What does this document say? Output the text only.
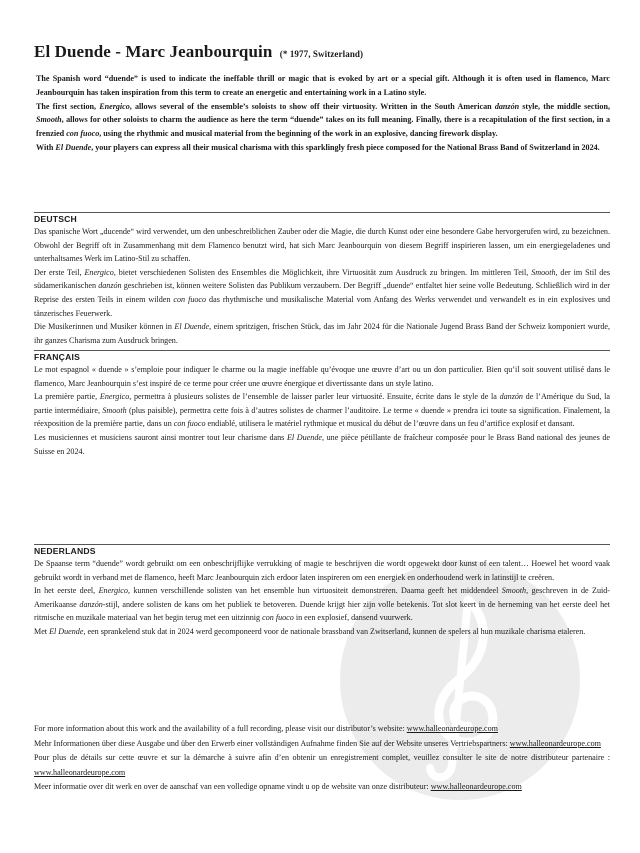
El Duende - Marc Jeanbourquin (* 1977, Switzerland)

The Spanish word “duende” is used to indicate the ineffable thrill or magic that is evoked by art or a special gift. Although it is often used in flamenco, Marc Jeanbourquin has taken inspiration from this term to create an energetic and entertaining work in a Latino style.

The first section, Energico, allows several of the ensemble’s soloists to show off their virtuosity. Written in the South American danzón style, the middle section, Smooth, allows for other soloists to charm the audience as here the term “duende” takes on its full meaning. Finally, there is a recapitulation of the first section, in a frenzied con fuoco, using the rhythmic and musical material from the beginning of the work in an explosive, dancing firework display.

With El Duende, your players can express all their musical charisma with this sparklingly fresh piece composed for the National Brass Band of Switzerland in 2024.

DEUTSCH

Das spanische Wort „ducende“ wird verwendet, um den unbeschreiblichen Zauber oder die Magie, die durch Kunst oder eine besondere Gabe hervorgerufen wird, zu bezeichnen. Obwohl der Begriff oft in Zusammenhang mit dem Flamenco benutzt wird, hat sich Marc Jeanbourquin von diesem Begriff inspirieren lassen, um ein energiegeladenes und unterhaltsames Werk im Latino-Stil zu schaffen.

Der erste Teil, Energico, bietet verschiedenen Solisten des Ensembles die Möglichkeit, ihre Virtuosität zum Ausdruck zu bringen. Im mittleren Teil, Smooth, der im Stil des südamerikanischen danzón geschrieben ist, können weitere Solisten das Publikum verzaubern. Der Begriff „duende“ entfaltet hier seine volle Bedeutung. Schließlich wird in der Reprise des ersten Teils in einem wilden con fuoco das rhythmische und musikalische Material vom Anfang des Werks verwendet und verwandelt es in ein explosives und tänzerisches Feuerwerk.

Die Musikerinnen und Musiker können in El Duende, einem spritzigen, frischen Stück, das im Jahr 2024 für die Nationale Jugend Brass Band der Schweiz komponiert wurde, ihr ganzes Charisma zum Ausdruck bringen.

FRANÇAIS

Le mot espagnol « duende » s’emploie pour indiquer le charme ou la magie ineffable qu’évoque une œuvre d’art ou un don particulier. Bien qu’il soit souvent utilisé dans le flamenco, Marc Jeanbourquin s’est inspiré de ce terme pour créer une œuvre énergique et divertissante dans un style latino.

La première partie, Energico, permettra à plusieurs solistes de l’ensemble de laisser parler leur virtuosité. Ensuite, écrite dans le style de la danzón de l’Amérique du Sud, la partie intermédiaire, Smooth (plus paisible), permettra cette fois à d’autres solistes de charmer l’auditoire. Le terme « duende » prendra ici toute sa signification. Finalement, la réexposition de la première partie, dans un con fuoco endiablé, utilisera le matériel rythmique et musical du début de l’œuvre dans un feu d’artifice explosif et dansant.

Les musiciennes et musiciens sauront ainsi montrer tout leur charisme dans El Duende, une pièce pétillante de fraîcheur composée pour le Brass Band national des jeunes de Suisse en 2024.

NEDERLANDS

De Spaanse term “duende” wordt gebruikt om een onbeschrijflijke verrukking of magie te beschrijven die wordt opgewekt door kunst of een talent… Hoewel het woord vaak gebruikt wordt in verband met de flamenco, heeft Marc Jeanbourquin zich erdoor laten inspireren om een energiek en onderhoudend werk in latinstijl te creëren.

In het eerste deel, Energico, kunnen verschillende solisten van het ensemble hun virtuositeit demonstreren. Daarna geeft het middendeel Smooth, geschreven in de Zuid-Amerikaanse danzón-stijl, andere solisten de kans om het publiek te betoveren. Duende krijgt hier zijn volle betekenis. Tot slot keert in de herneming van het eerste deel het ritmische en muzikale materiaal van het begin terug met een uitzinnig con fuoco in een explosief, dansend vuurwerk.

Met El Duende, een sprankelend stuk dat in 2024 werd gecomponeerd voor de nationale brassband van Zwitserland, kunnen de spelers al hun muzikale charisma etaleren.

For more information about this work and the availability of a full recording, please visit our distributor’s website: www.halleonardeurope.com

Mehr Informationen über diese Ausgabe und über den Erwerb einer vollständigen Aufnahme finden Sie auf der Website unseres Vertriebspartners: www.halleonardeurope.com

Pour plus de détails sur cette œuvre et sur la démarche à suivre afin d’en obtenir un enregistrement complet, veuillez consulter le site de notre distributeur partenaire : www.halleonardeurope.com

Meer informatie over dit werk en over de aanschaf van een volledige opname vindt u op de website van onze distributeur: www.halleonardeurope.com
